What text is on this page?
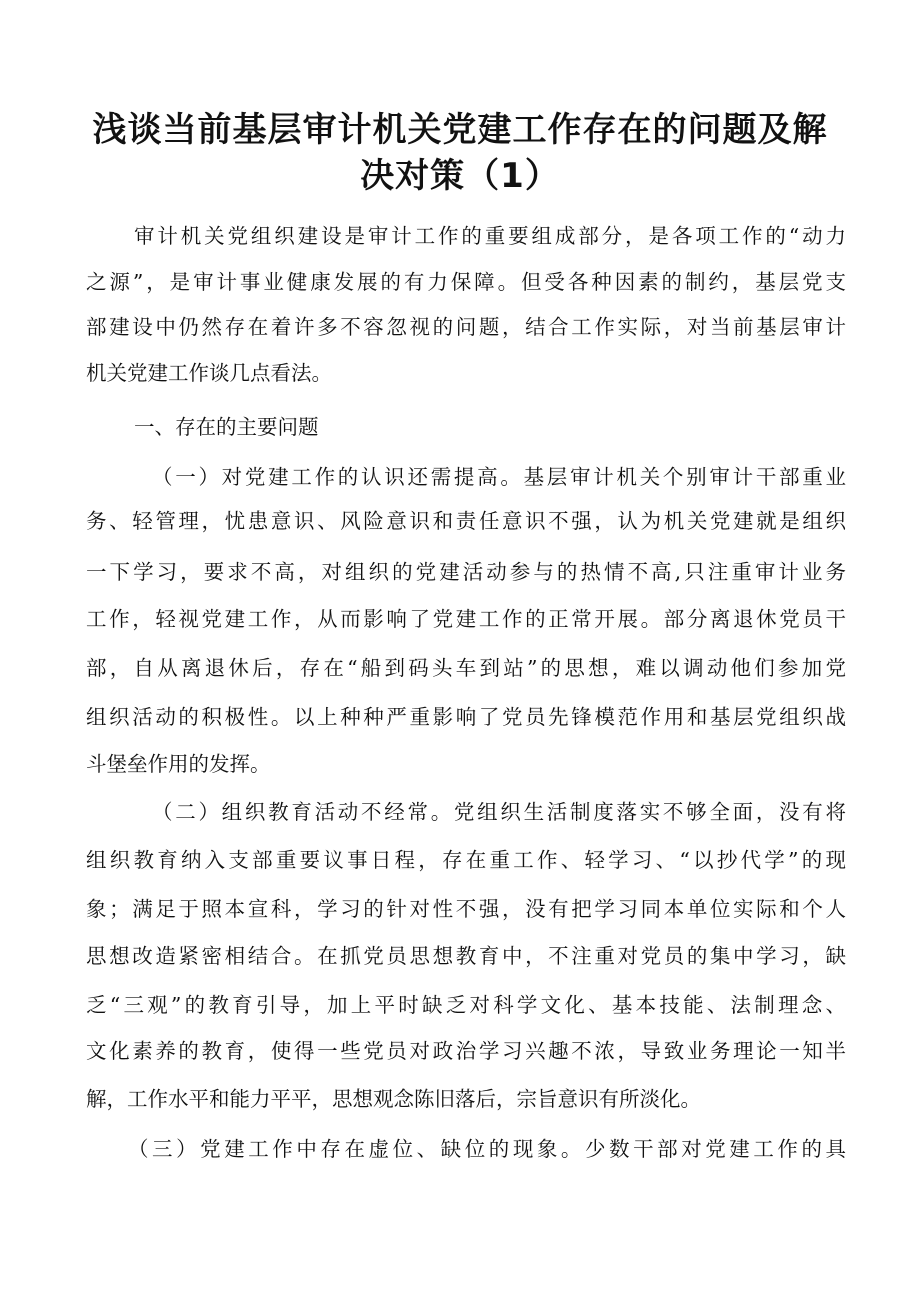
浅谈当前基层审计机关党建工作存在的问题及解
决对策（1）
审计机关党组织建设是审计工作的重要组成部分，是各项工作的“动力
之源”，是审计事业健康发展的有力保障。但受各种因素的制约，基层党支
部建设中仍然存在着许多不容忽视的问题，结合工作实际，对当前基层审计
机关党建工作谈几点看法。
一、存在的主要问题
（一）对党建工作的认识还需提高。基层审计机关个别审计干部重业
务、轻管理，忧患意识、风险意识和责任意识不强，认为机关党建就是组织
一下学习，要求不高，对组织的党建活动参与的热情不高,只注重审计业务
工作，轻视党建工作，从而影响了党建工作的正常开展。部分离退休党员干
部，自从离退休后，存在“船到码头车到站”的思想，难以调动他们参加党
组织活动的积极性。以上种种严重影响了党员先锋模范作用和基层党组织战
斗堡垒作用的发挥。
（二）组织教育活动不经常。党组织生活制度落实不够全面，没有将
组织教育纳入支部重要议事日程，存在重工作、轻学习、“以抄代学”的现
象；满足于照本宣科，学习的针对性不强，没有把学习同本单位实际和个人
思想改造紧密相结合。在抓党员思想教育中，不注重对党员的集中学习，缺
乏“三观”的教育引导，加上平时缺乏对科学文化、基本技能、法制理念、
文化素养的教育，使得一些党员对政治学习兴趣不浓，导致业务理论一知半
解，工作水平和能力平平，思想观念陈旧落后，宗旨意识有所淡化。
（三）党建工作中存在虚位、缺位的现象。少数干部对党建工作的具
